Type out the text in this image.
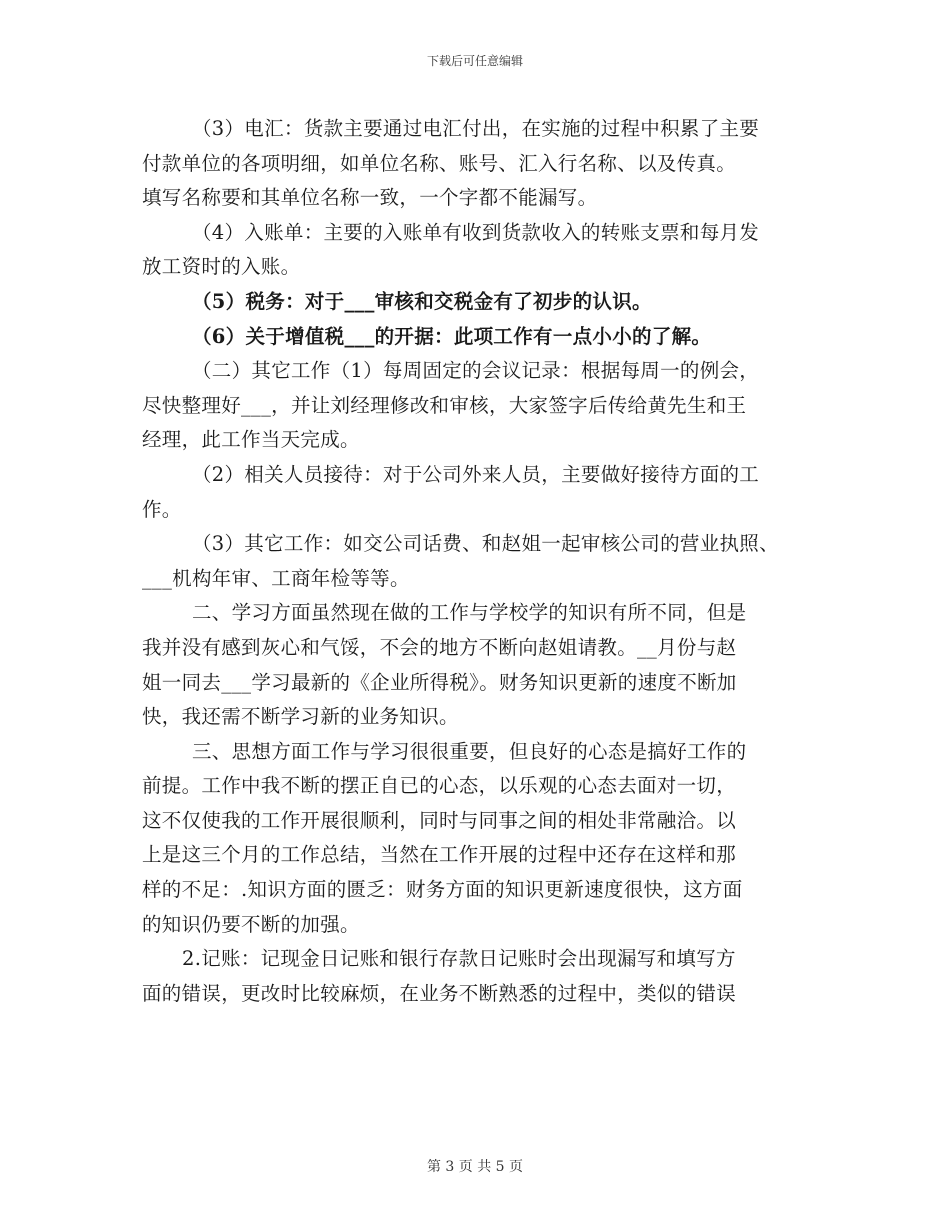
下载后可任意编辑
（3）电汇：货款主要通过电汇付出，在实施的过程中积累了主要
付款单位的各项明细，如单位名称、账号、汇入行名称、以及传真。
填写名称要和其单位名称一致，一个字都不能漏写。
（4）入账单：主要的入账单有收到货款收入的转账支票和每月发
放工资时的入账。
（5）税务：对于___审核和交税金有了初步的认识。
（6）关于增值税___的开据：此项工作有一点小小的了解。
（二）其它工作（1）每周固定的会议记录：根据每周一的例会，
尽快整理好___，并让刘经理修改和审核，大家签字后传给黄先生和王
经理，此工作当天完成。
（2）相关人员接待：对于公司外来人员，主要做好接待方面的工
作。
（3）其它工作：如交公司话费、和赵姐一起审核公司的营业执照、
___机构年审、工商年检等等。
二、学习方面虽然现在做的工作与学校学的知识有所不同，但是
我并没有感到灰心和气馁，不会的地方不断向赵姐请教。__月份与赵
姐一同去___学习最新的《企业所得税》。财务知识更新的速度不断加
快，我还需不断学习新的业务知识。
三、思想方面工作与学习很很重要，但良好的心态是搞好工作的
前提。工作中我不断的摆正自已的心态，以乐观的心态去面对一切，
这不仅使我的工作开展很顺利，同时与同事之间的相处非常融洽。以
上是这三个月的工作总结，当然在工作开展的过程中还存在这样和那
样的不足：.知识方面的匮乏：财务方面的知识更新速度很快，这方面
的知识仍要不断的加强。
2.记账：记现金日记账和银行存款日记账时会出现漏写和填写方
面的错误，更改时比较麻烦，在业务不断熟悉的过程中，类似的错误
第 3 页 共 5 页
